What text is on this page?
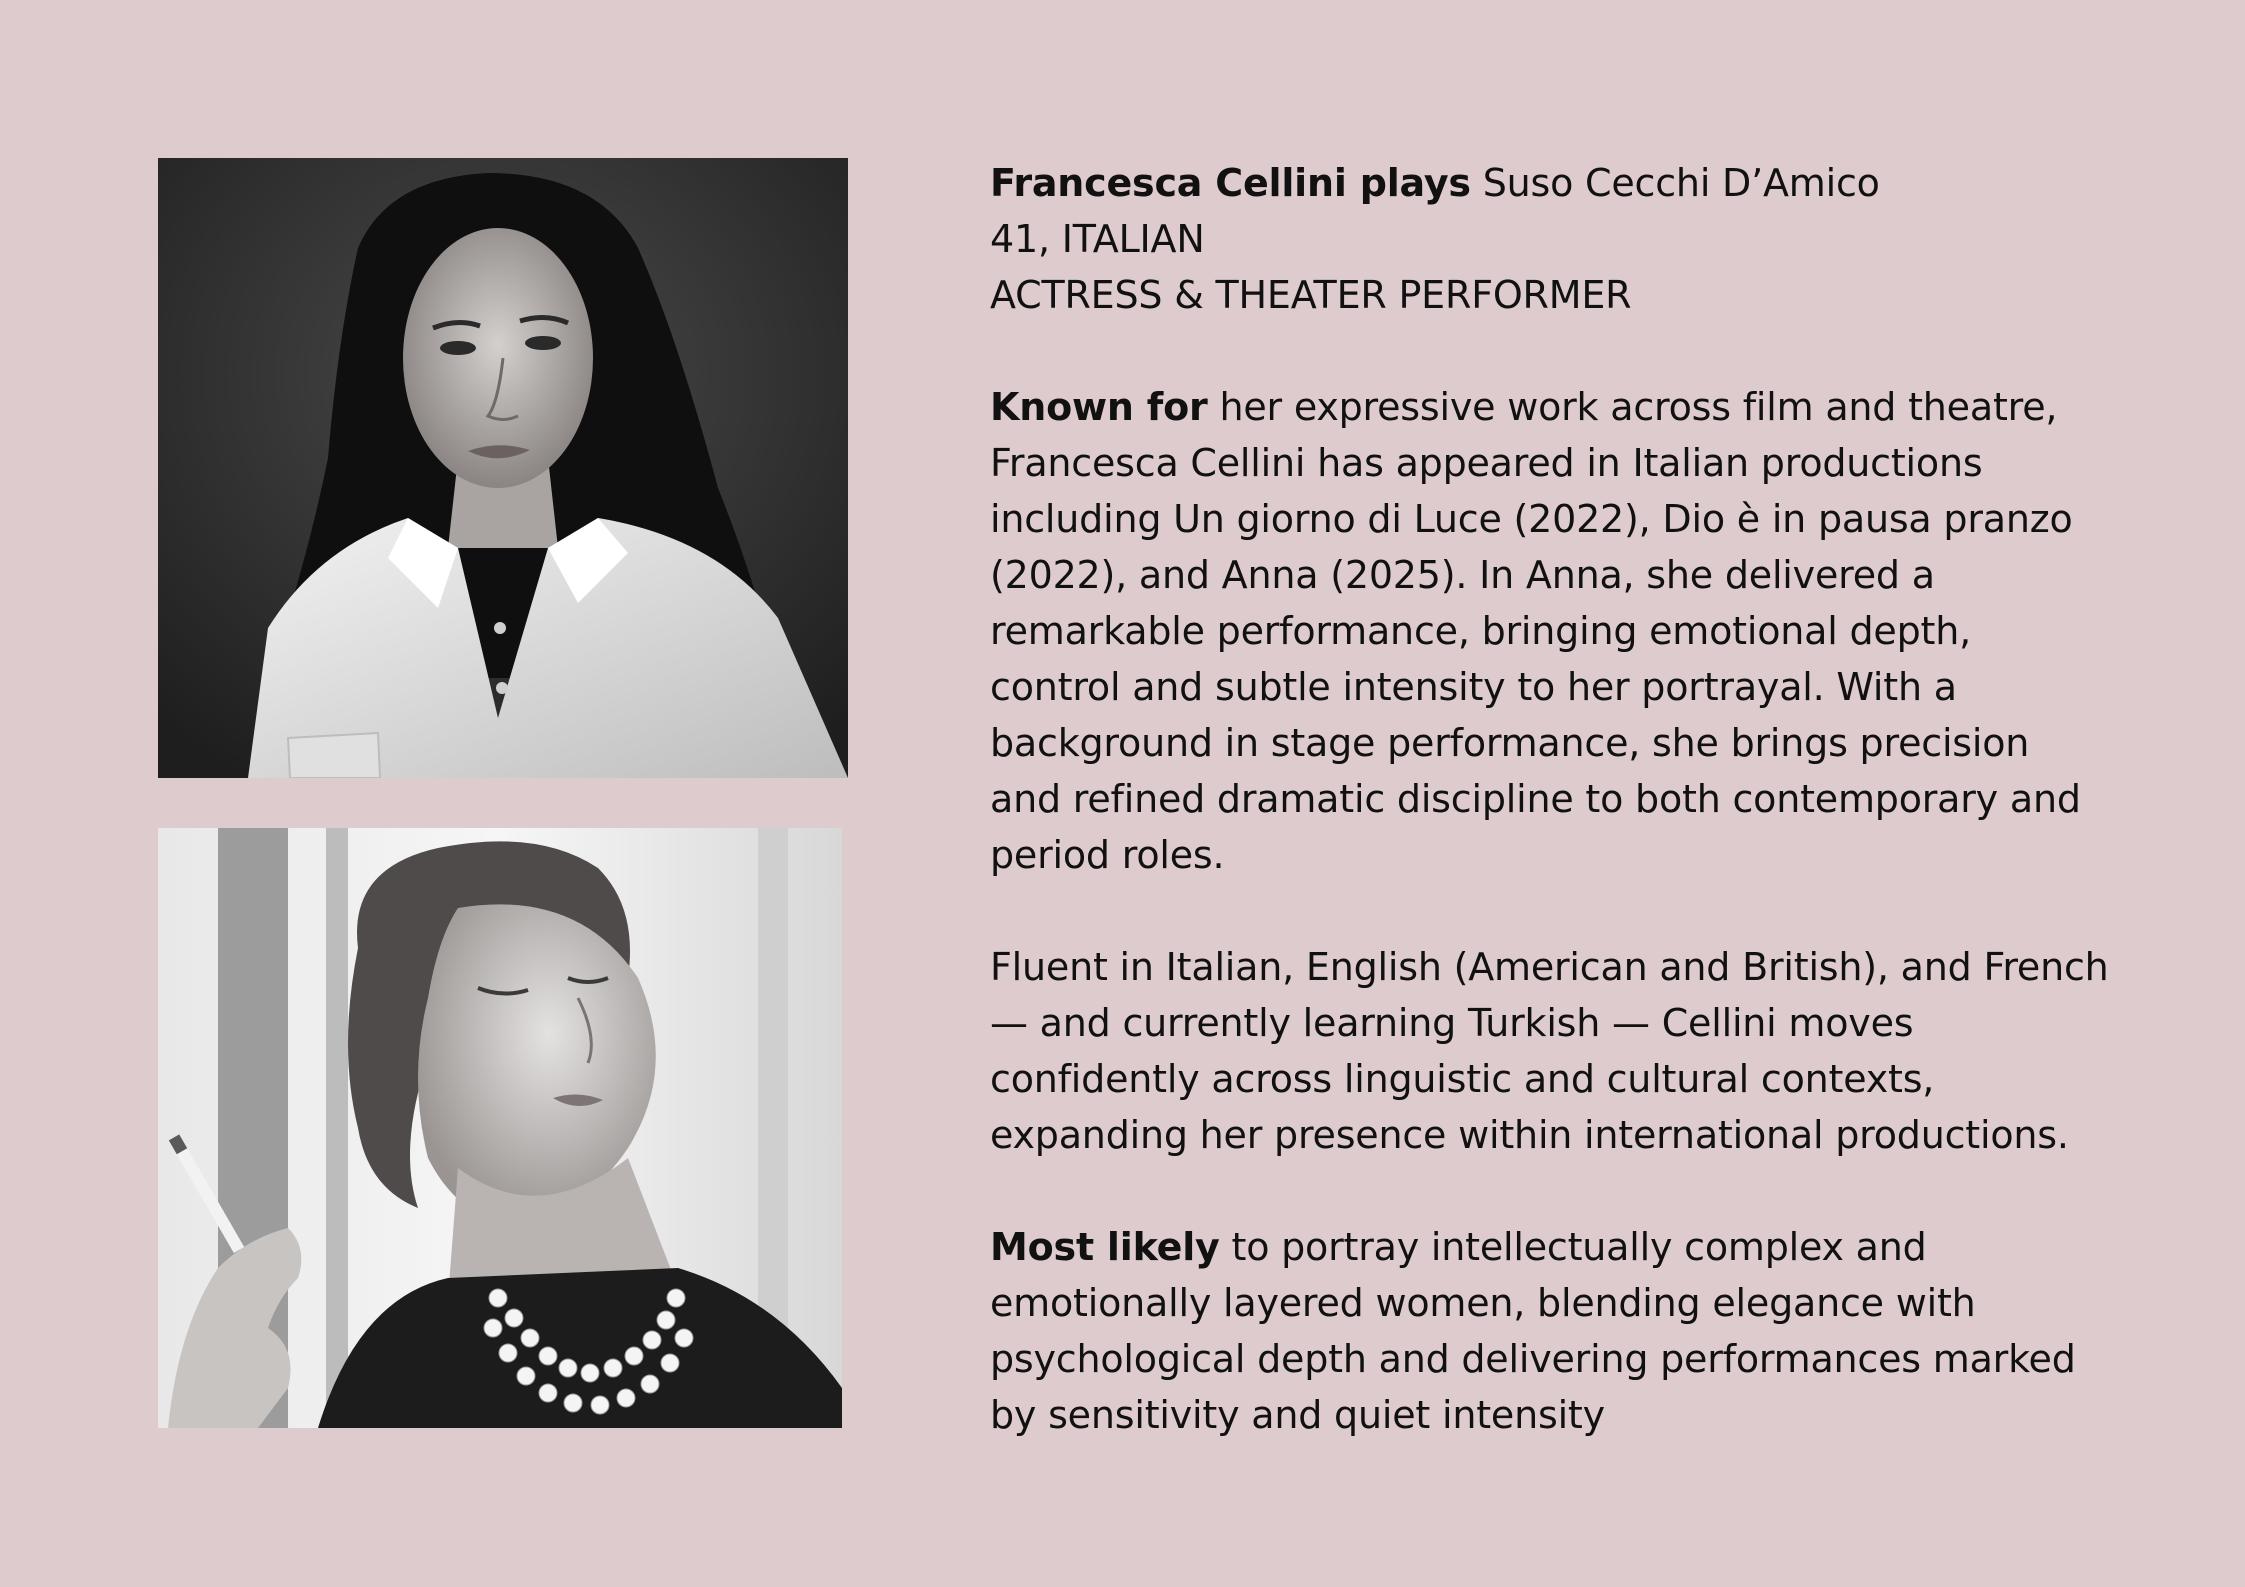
Francesca Cellini plays Suso Cecchi D’Amico
41, ITALIAN
ACTRESS & THEATER PERFORMER

Known for her expressive work across film and theatre,
Francesca Cellini has appeared in Italian productions
including Un giorno di Luce (2022), Dio è in pausa pranzo
(2022), and Anna (2025). In Anna, she delivered a
remarkable performance, bringing emotional depth,
control and subtle intensity to her portrayal. With a
background in stage performance, she brings precision
and refined dramatic discipline to both contemporary and
period roles.

Fluent in Italian, English (American and British), and French
— and currently learning Turkish — Cellini moves
confidently across linguistic and cultural contexts,
expanding her presence within international productions.

Most likely to portray intellectually complex and
emotionally layered women, blending elegance with
psychological depth and delivering performances marked
by sensitivity and quiet intensity
